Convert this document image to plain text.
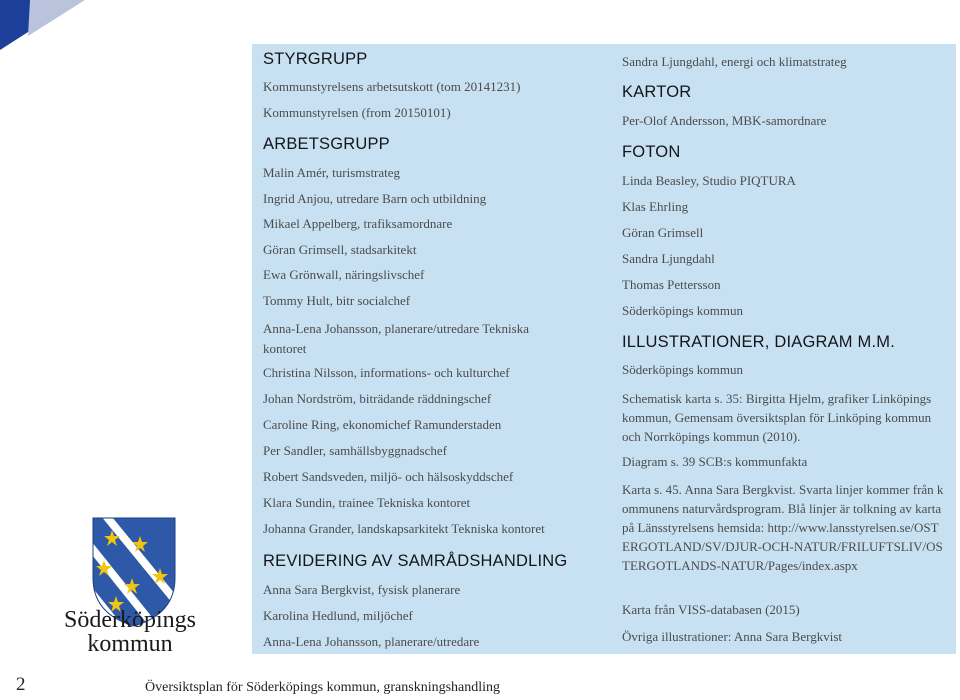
STYRGRUPP
Kommunstyrelsens arbetsutskott (tom 20141231)
Kommunstyrelsen (from 20150101)
ARBETSGRUPP
Malin Amér, turismstrateg
Ingrid Anjou, utredare Barn och utbildning
Mikael Appelberg, trafiksamordnare
Göran Grimsell, stadsarkitekt
Ewa Grönwall, näringslivschef
Tommy Hult, bitr socialchef
Anna-Lena Johansson, planerare/utredare Tekniska kontoret
Christina Nilsson, informations- och kulturchef
Johan Nordström, biträdande räddningschef
Caroline Ring, ekonomichef Ramunderstaden
Per Sandler, samhällsbyggnadschef
Robert Sandsveden, miljö- och hälsoskyddschef
Klara Sundin, trainee Tekniska kontoret
Johanna Grander, landskapsarkitekt Tekniska kontoret
REVIDERING AV SAMRÅDSHANDLING
Anna Sara Bergkvist, fysisk planerare
Karolina Hedlund, miljöchef
Anna-Lena Johansson, planerare/utredare
Sandra Ljungdahl, energi och klimatstrateg
KARTOR
Per-Olof Andersson, MBK-samordnare
FOTON
Linda Beasley, Studio PIQTURA
Klas Ehrling
Göran Grimsell
Sandra Ljungdahl
Thomas Pettersson
Söderköpings kommun
ILLUSTRATIONER, DIAGRAM M.M.
Söderköpings kommun
Schematisk karta s. 35: Birgitta Hjelm, grafiker Linköpings kommun, Gemensam översiktsplan för Linköping kommun och Norrköpings kommun (2010).
Diagram s. 39 SCB:s kommunfakta
Karta s. 45. Anna Sara Bergkvist. Svarta linjer kommer från kommunens naturvårdsprogram. Blå linjer är tolkning av karta på Länsstyrelsens hemsida: http://www.lansstyrelsen.se/OSTERGOTLAND/SV/DJUR-OCH-NATUR/FRILUFTSLIV/OSTERGOTLANDS-NATUR/Pages/index.aspx
Karta från VISS-databasen (2015)
Övriga illustrationer: Anna Sara Bergkvist
Söderköpings
kommun
2	Översiktsplan för Söderköpings kommun, granskningshandling
